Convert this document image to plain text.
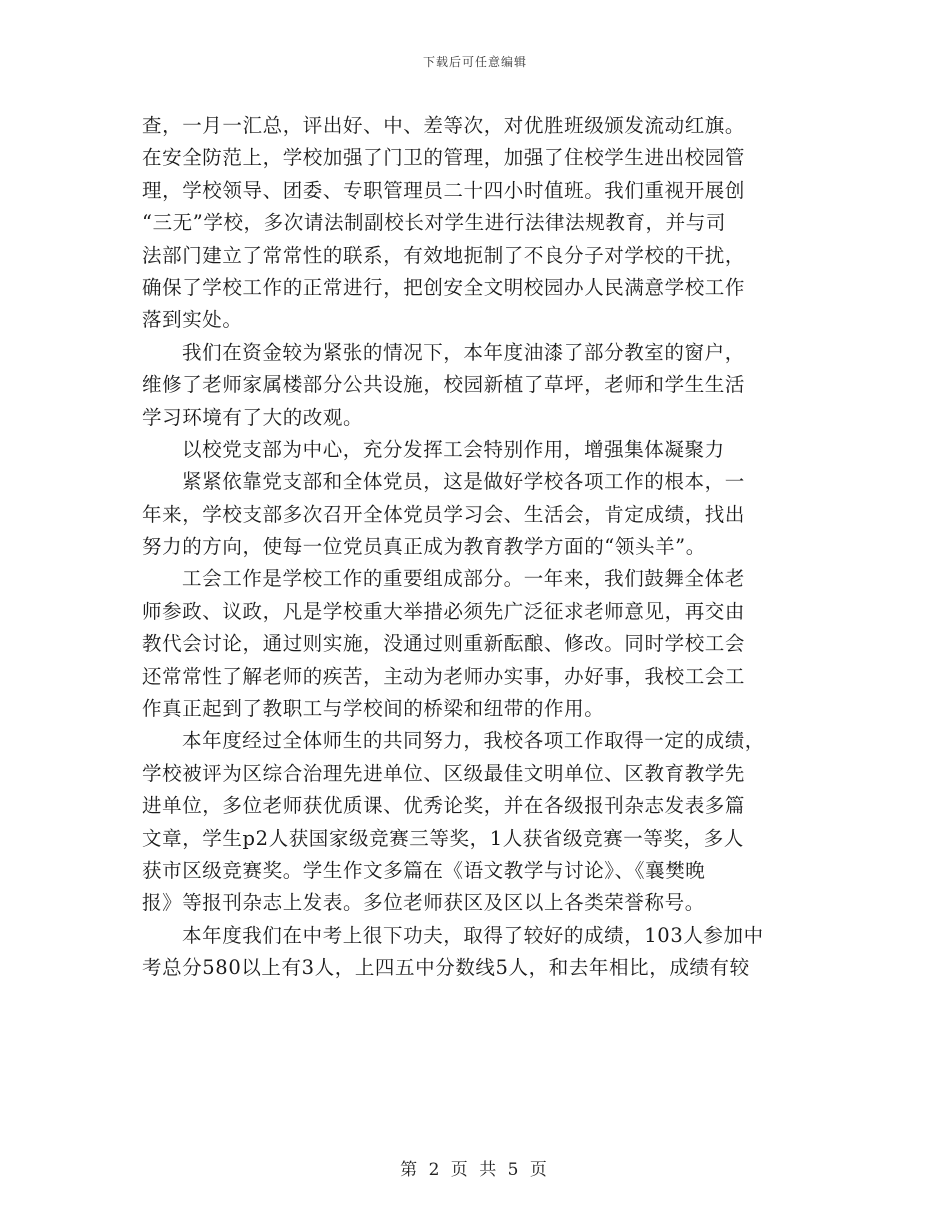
下载后可任意编辑
查，一月一汇总，评出好、中、差等次，对优胜班级颁发流动红旗。
在安全防范上，学校加强了门卫的管理，加强了住校学生进出校园管
理，学校领导、团委、专职管理员二十四小时值班。我们重视开展创
“三无”学校，多次请法制副校长对学生进行法律法规教育，并与司
法部门建立了常常性的联系，有效地扼制了不良分子对学校的干扰，
确保了学校工作的正常进行，把创安全文明校园办人民满意学校工作
落到实处。
我们在资金较为紧张的情况下，本年度油漆了部分教室的窗户，
维修了老师家属楼部分公共设施，校园新植了草坪，老师和学生生活
学习环境有了大的改观。
以校党支部为中心，充分发挥工会特别作用，增强集体凝聚力
紧紧依靠党支部和全体党员，这是做好学校各项工作的根本，一
年来，学校支部多次召开全体党员学习会、生活会，肯定成绩，找出
努力的方向，使每一位党员真正成为教育教学方面的“领头羊”。
工会工作是学校工作的重要组成部分。一年来，我们鼓舞全体老
师参政、议政，凡是学校重大举措必须先广泛征求老师意见，再交由
教代会讨论，通过则实施，没通过则重新酝酿、修改。同时学校工会
还常常性了解老师的疾苦，主动为老师办实事，办好事，我校工会工
作真正起到了教职工与学校间的桥梁和纽带的作用。
本年度经过全体师生的共同努力，我校各项工作取得一定的成绩，
学校被评为区综合治理先进单位、区级最佳文明单位、区教育教学先
进单位，多位老师获优质课、优秀论奖，并在各级报刊杂志发表多篇
文章，学生p2人获国家级竞赛三等奖，1人获省级竞赛一等奖，多人
获市区级竞赛奖。学生作文多篇在《语文教学与讨论》、《襄樊晚
报》等报刊杂志上发表。多位老师获区及区以上各类荣誉称号。
本年度我们在中考上很下功夫，取得了较好的成绩，103人参加中
考总分580以上有3人，上四五中分数线5人，和去年相比，成绩有较
第 2 页 共 5 页
